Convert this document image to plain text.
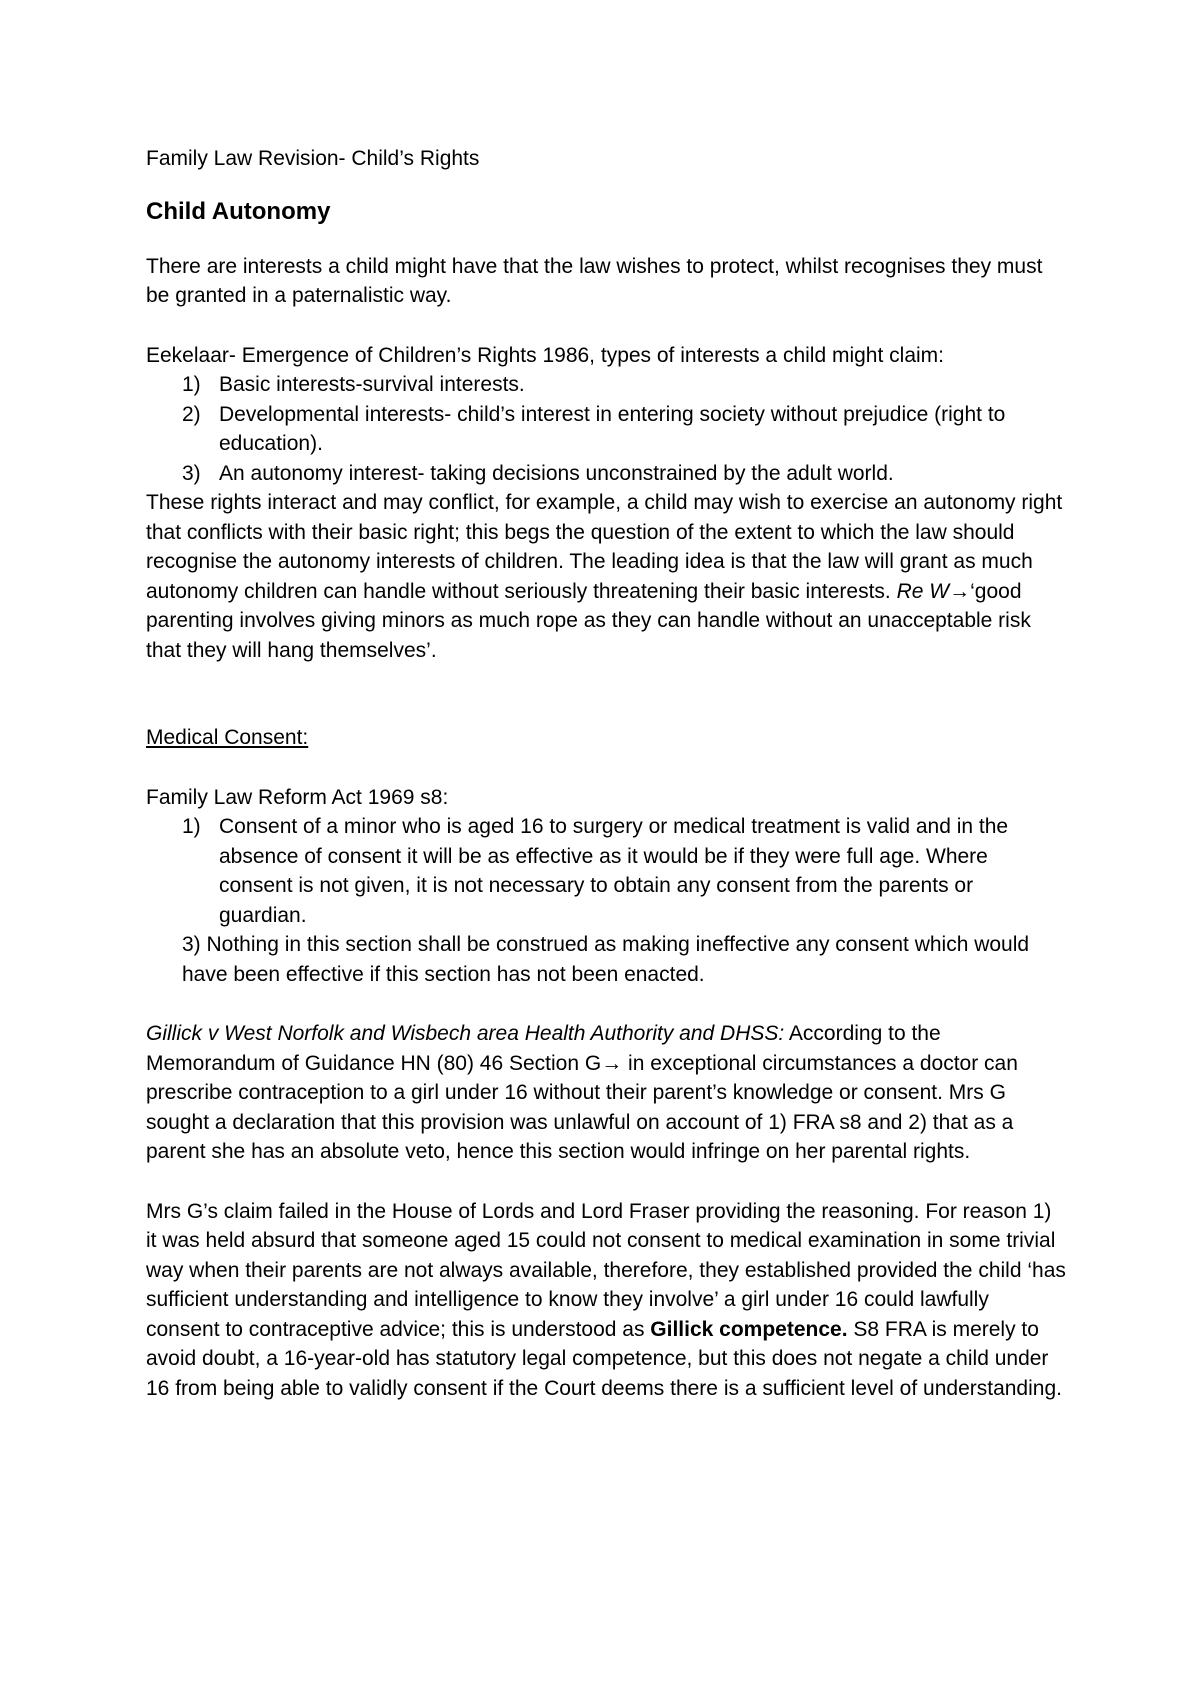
Family Law Revision- Child’s Rights

Child Autonomy

There are interests a child might have that the law wishes to protect, whilst recognises they must be granted in a paternalistic way.

Eekelaar- Emergence of Children’s Rights 1986, types of interests a child might claim:

1) Basic interests-survival interests.
2) Developmental interests- child’s interest in entering society without prejudice (right to education).
3) An autonomy interest- taking decisions unconstrained by the adult world.

These rights interact and may conflict, for example, a child may wish to exercise an autonomy right that conflicts with their basic right; this begs the question of the extent to which the law should recognise the autonomy interests of children. The leading idea is that the law will grant as much autonomy children can handle without seriously threatening their basic interests. Re W→‘good parenting involves giving minors as much rope as they can handle without an unacceptable risk that they will hang themselves’.

Medical Consent:

Family Law Reform Act 1969 s8:

1) Consent of a minor who is aged 16 to surgery or medical treatment is valid and in the absence of consent it will be as effective as it would be if they were full age. Where consent is not given, it is not necessary to obtain any consent from the parents or guardian.

3) Nothing in this section shall be construed as making ineffective any consent which would have been effective if this section has not been enacted.

Gillick v West Norfolk and Wisbech area Health Authority and DHSS: According to the Memorandum of Guidance HN (80) 46 Section G→ in exceptional circumstances a doctor can prescribe contraception to a girl under 16 without their parent’s knowledge or consent. Mrs G sought a declaration that this provision was unlawful on account of 1) FRA s8 and 2) that as a parent she has an absolute veto, hence this section would infringe on her parental rights.

Mrs G’s claim failed in the House of Lords and Lord Fraser providing the reasoning. For reason 1) it was held absurd that someone aged 15 could not consent to medical examination in some trivial way when their parents are not always available, therefore, they established provided the child ‘has sufficient understanding and intelligence to know they involve’ a girl under 16 could lawfully consent to contraceptive advice; this is understood as Gillick competence. S8 FRA is merely to avoid doubt, a 16-year-old has statutory legal competence, but this does not negate a child under 16 from being able to validly consent if the Court deems there is a sufficient level of understanding.
